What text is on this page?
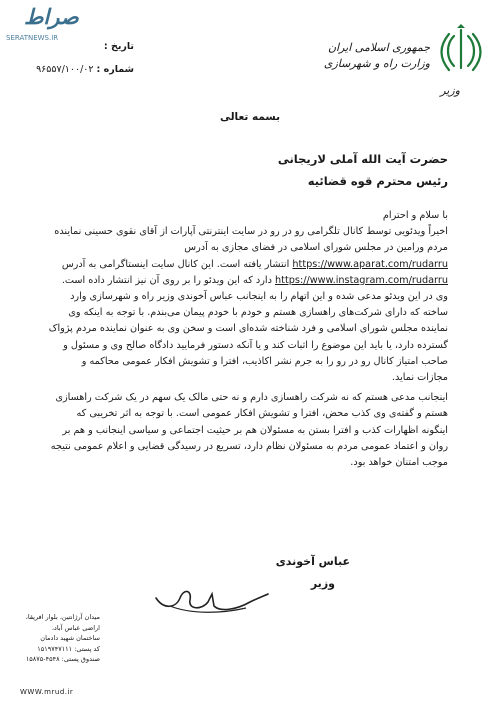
صراط
SERATNEWS.IR
تاریخ :
شماره : ۹۶۵۵۷/۱۰۰/۰۲
جمهوری اسلامی ایران
وزارت راه و شهرسازی
وزیر
بسمه تعالی
حضرت آیت الله آملی لاریجانی
رئیس محترم قوه قضائیه

با سلام و احترام

اخیراً ویدئویی توسط کانال تلگرامی رو در رو در سایت اینترنتی آپارات از آقای نقوی حسینی نماینده مردم ورامین در مجلس شورای اسلامی در فضای مجازی به آدرس https://www.aparat.com/rudarru انتشار یافته است. این کانال سایت اینستاگرامی به آدرس https://www.instagram.com/rudarru دارد که این ویدئو را بر روی آن نیز انتشار داده است. وی در این ویدئو مدعی شده و این اتهام را به اینجانب عباس آخوندی وزیر راه و شهرسازی وارد ساخته که دارای شرکت‌های راهسازی هستم و خودم با خودم پیمان می‌بندم. با توجه به اینکه وی نماینده مجلس شورای اسلامی و فرد شناخته شده‌ای است و سخن وی به عنوان نماینده مردم پژواک گسترده دارد، یا باید این موضوع را اثبات کند و یا آنکه دستور فرمایید دادگاه صالح وی و مسئول و صاحب امتیاز کانال رو در رو را به جرم نشر اکاذیب، افترا و تشویش افکار عمومی محاکمه و مجازات نماید.

اینجانب مدعی هستم که نه شرکت راهسازی دارم و نه حتی مالک یک سهم در یک شرکت راهسازی هستم و گفته‌ی وی کذب محض، افترا و تشویش افکار عمومی است. با توجه به اثر تخریبی که اینگونه اظهارات کذب و افترا بستن به مسئولان هم بر حیثیت اجتماعی و سیاسی اینجانب و هم بر روان و اعتماد عمومی مردم به مسئولان نظام دارد، تسریع در رسیدگی قضایی و اعلام عمومی نتیجه موجب امتنان خواهد بود.

عباس آخوندی
وزیر
میدان آرژانتین، بلوار افریقا،
اراضی عباس آباد،
ساختمان شهید دادمان
کد پستی: ۱۵۱۹۷۴۷۱۱۱
صندوق پستی: ۴۵۴۸-۱۵۸۷۵
WWW.mrud.ir
